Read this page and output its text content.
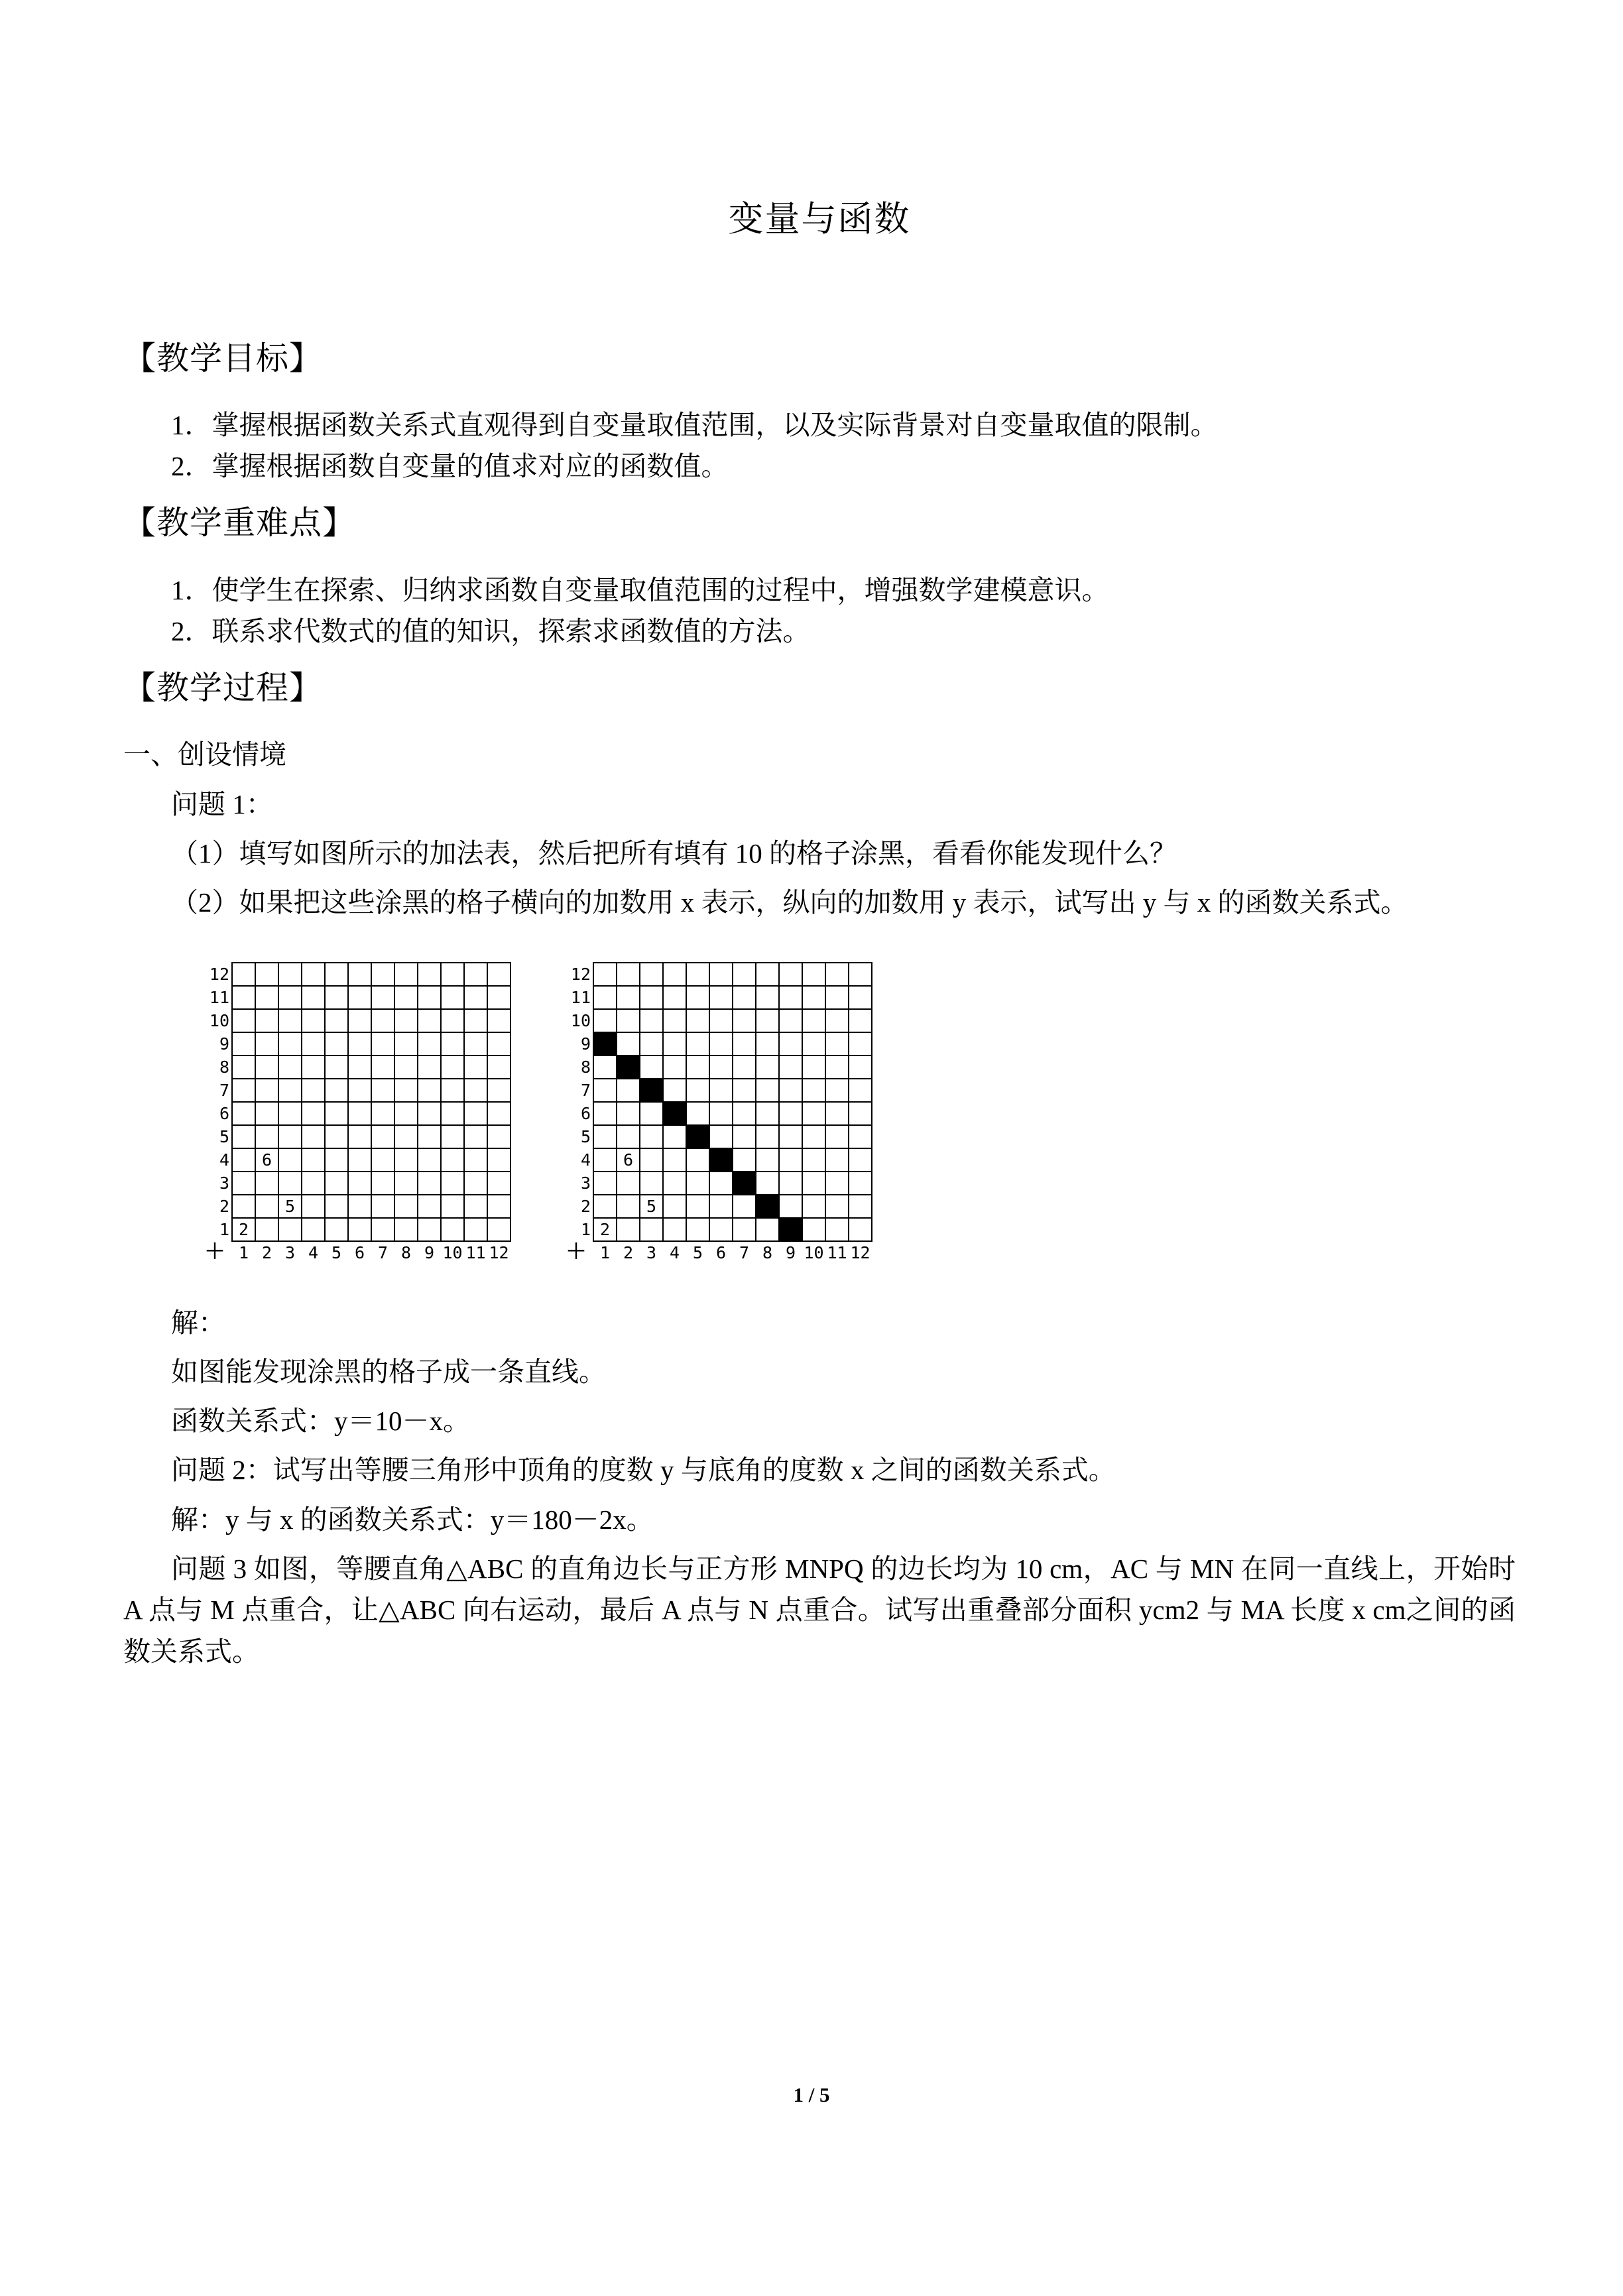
变量与函数
【教学目标】

1．掌握根据函数关系式直观得到自变量取值范围，以及实际背景对自变量取值的限制。

2．掌握根据函数自变量的值求对应的函数值。

【教学重难点】

1．使学生在探索、归纳求函数自变量取值范围的过程中，增强数学建模意识。

2．联系求代数式的值的知识，探索求函数值的方法。

【教学过程】

一、创设情境

问题 1：

（1）填写如图所示的加法表，然后把所有填有 10 的格子涂黑，看看你能发现什么？

（2）如果把这些涂黑的格子横向的加数用 x 表示，纵向的加数用 y 表示，试写出 y 与 x 的函数关系式。

12												
11												
10												
9												
8												
7												
6												
5												
4		6										
3												
2			5									
1	2											
＋	1	2	3	4	5	6	7	8	9	10	11	12
12												
11												
10												
9												
8												
7												
6												
5												
4		6										
3												
2			5									
1	2											
＋	1	2	3	4	5	6	7	8	9	10	11	12

解：

如图能发现涂黑的格子成一条直线。

函数关系式：y＝10－x。

问题 2：试写出等腰三角形中顶角的度数 y 与底角的度数 x 之间的函数关系式。

解：y 与 x 的函数关系式：y＝180－2x。

问题 3 如图，等腰直角△ABC 的直角边长与正方形 MNPQ 的边长均为 10 cm，AC 与 MN 在同一直线上，开始时 A 点与 M 点重合，让△ABC 向右运动，最后 A 点与 N 点重合。试写出重叠部分面积 ycm2 与 MA 长度 x cm之间的函数关系式。

1 / 5
